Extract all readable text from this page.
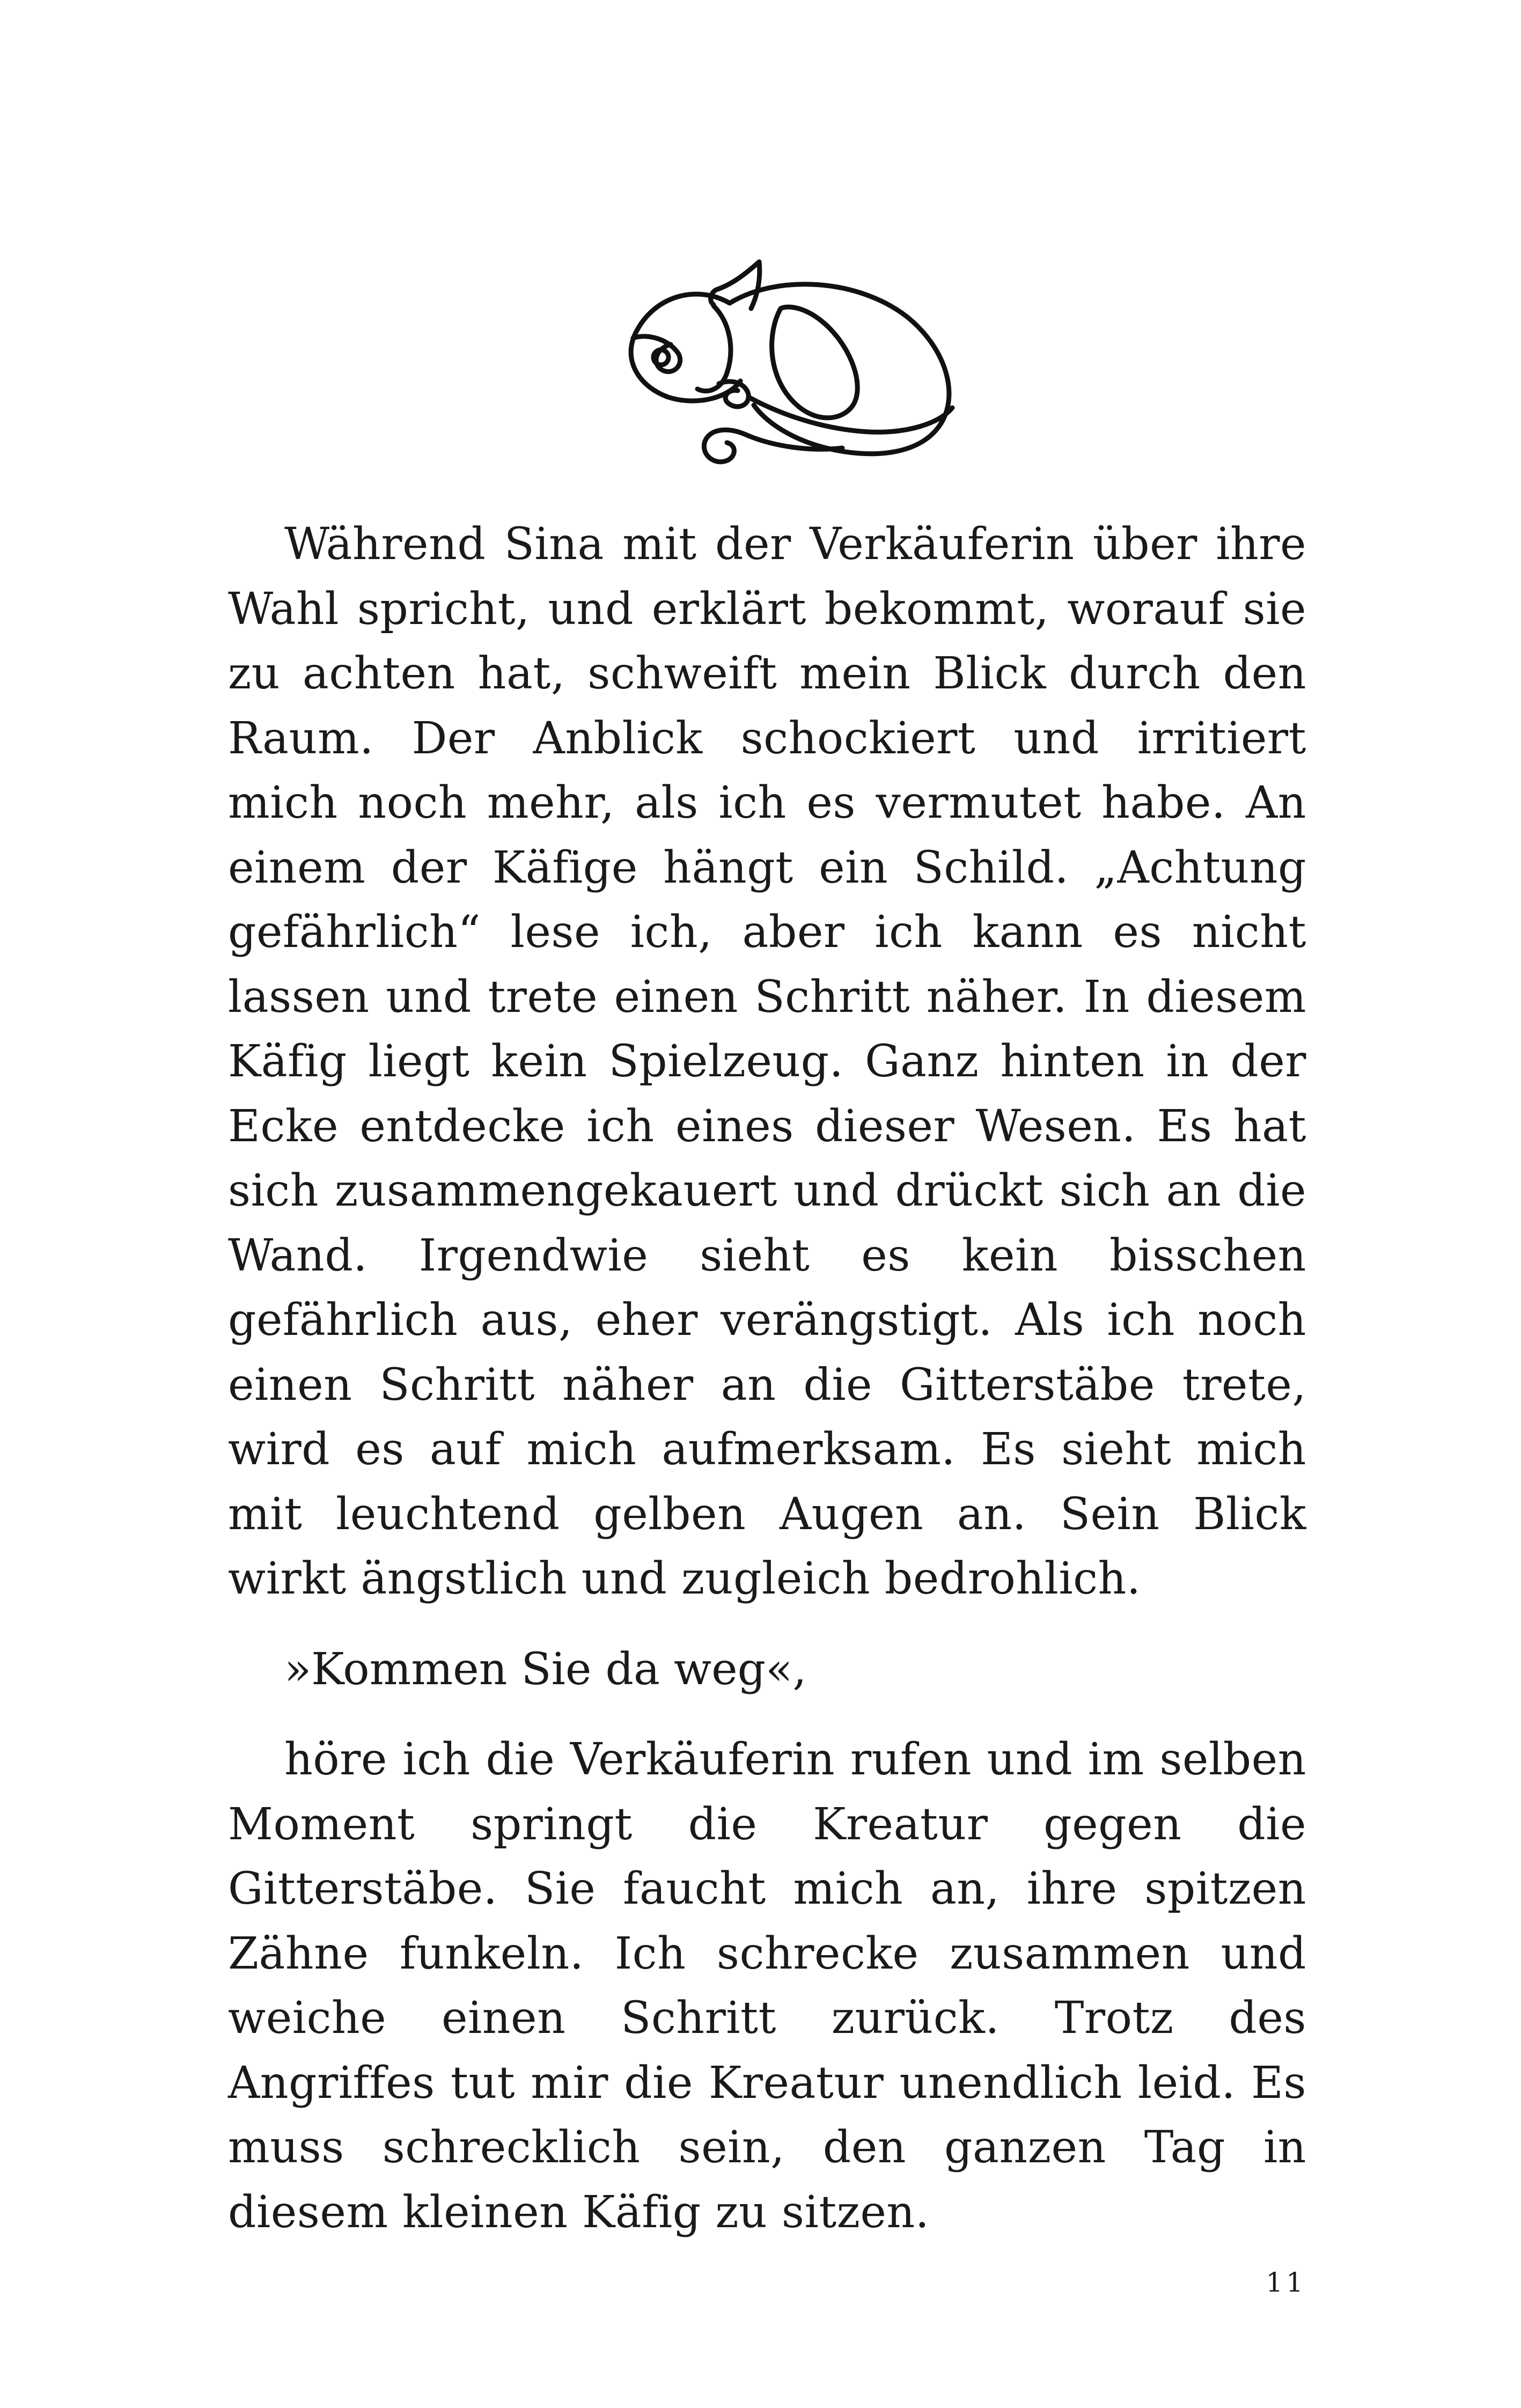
Während Sina mit der Verkäuferin über ihre Wahl spricht, und erklärt bekommt, worauf sie zu achten hat, schweift mein Blick durch den Raum. Der Anblick schockiert und irritiert mich noch mehr, als ich es vermutet habe. An einem der Käfige hängt ein Schild. „Achtung gefährlich“ lese ich, aber ich kann es nicht lassen und trete einen Schritt näher. In diesem Käfig liegt kein Spielzeug. Ganz hinten in der Ecke entdecke ich eines dieser Wesen. Es hat sich zusammengekauert und drückt sich an die Wand. Irgendwie sieht es kein bisschen gefährlich aus, eher verängstigt. Als ich noch einen Schritt näher an die Gitterstäbe trete, wird es auf mich aufmerksam. Es sieht mich mit leuchtend gelben Augen an. Sein Blick wirkt ängstlich und zugleich bedrohlich.

»Kommen Sie da weg«,

höre ich die Verkäuferin rufen und im selben Moment springt die Kreatur gegen die Gitterstäbe. Sie faucht mich an, ihre spitzen Zähne funkeln. Ich schrecke zusammen und weiche einen Schritt zurück. Trotz des Angriffes tut mir die Kreatur unendlich leid. Es muss schrecklich sein, den ganzen Tag in diesem kleinen Käfig zu sitzen.

11
